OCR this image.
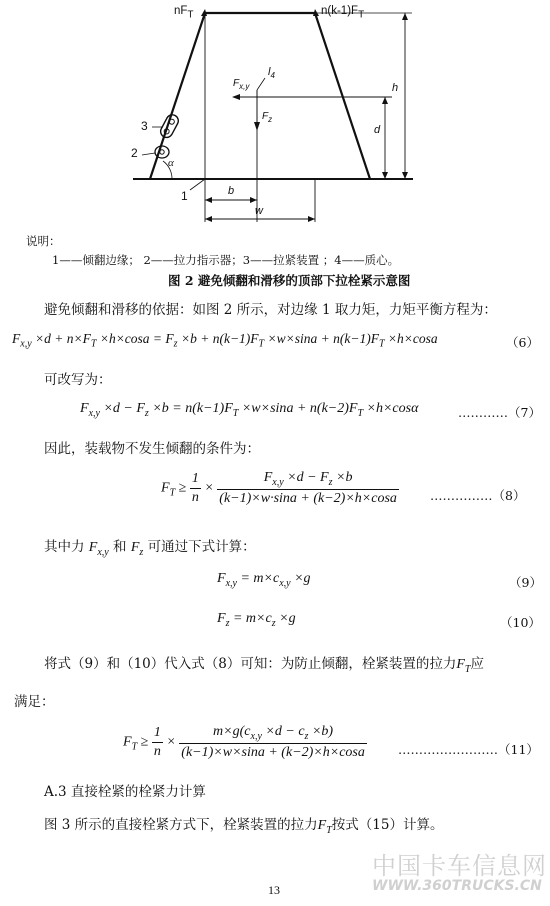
$nF_T$	$n(k-1)F_T$
$F_{x,y}$
$F_z$
$l_4$
h
d
b
w
α
1
2
3
说明：
1——倾翻边缘； 2——拉力指示器；3——拉紧装置 ；4——质心。
图 2 避免倾翻和滑移的顶部下拉栓紧示意图
避免倾翻和滑移的依据：如图 2 所示，对边缘 1 取力矩，力矩平衡方程为：
$F_{x,y} \times d + n\times F_T \times h\times\cos a = F_z \times b + n(k-1)F_T \times w\times\sin a + n(k-1)F_T \times h\times\cos a$	（6）
可改写为：
$F_{x,y} \times d - F_z \times b = n(k-1)F_T \times w\times\sin a + n(k-2)F_T \times h\times\cos\alpha$	…………（7）
因此，装载物不发生倾翻的条件为：
$F_T \ge \frac{1}{n} \times \frac{F_{x,y} \times d - F_z \times b}{(k-1)\times w\cdot\sin a + (k-2)\times h\times\cos a}$ ……………（8）
其中力 $F_{x,y}$ 和 $F_z$ 可通过下式计算：
$F_{x,y} = m\times c_{x,y} \times g$	（9）
$F_z = m\times c_z \times g$	（10）
将式（9）和（10）代入式（8）可知：为防止倾翻，栓紧装置的拉力$F_T$应
满足：
$F_T \ge \frac{1}{n} \times \frac{m\times g(c_{x,y} \times d - c_z \times b)}{(k-1)\times w\times\sin a + (k-2)\times h\times\cos a}$ ……………………（11）
A.3 直接栓紧的栓紧力计算
图 3 所示的直接栓紧方式下，栓紧装置的拉力$F_T$按式（15）计算。
中国卡车信息网
WWW.360TRUCKS.CN
13
